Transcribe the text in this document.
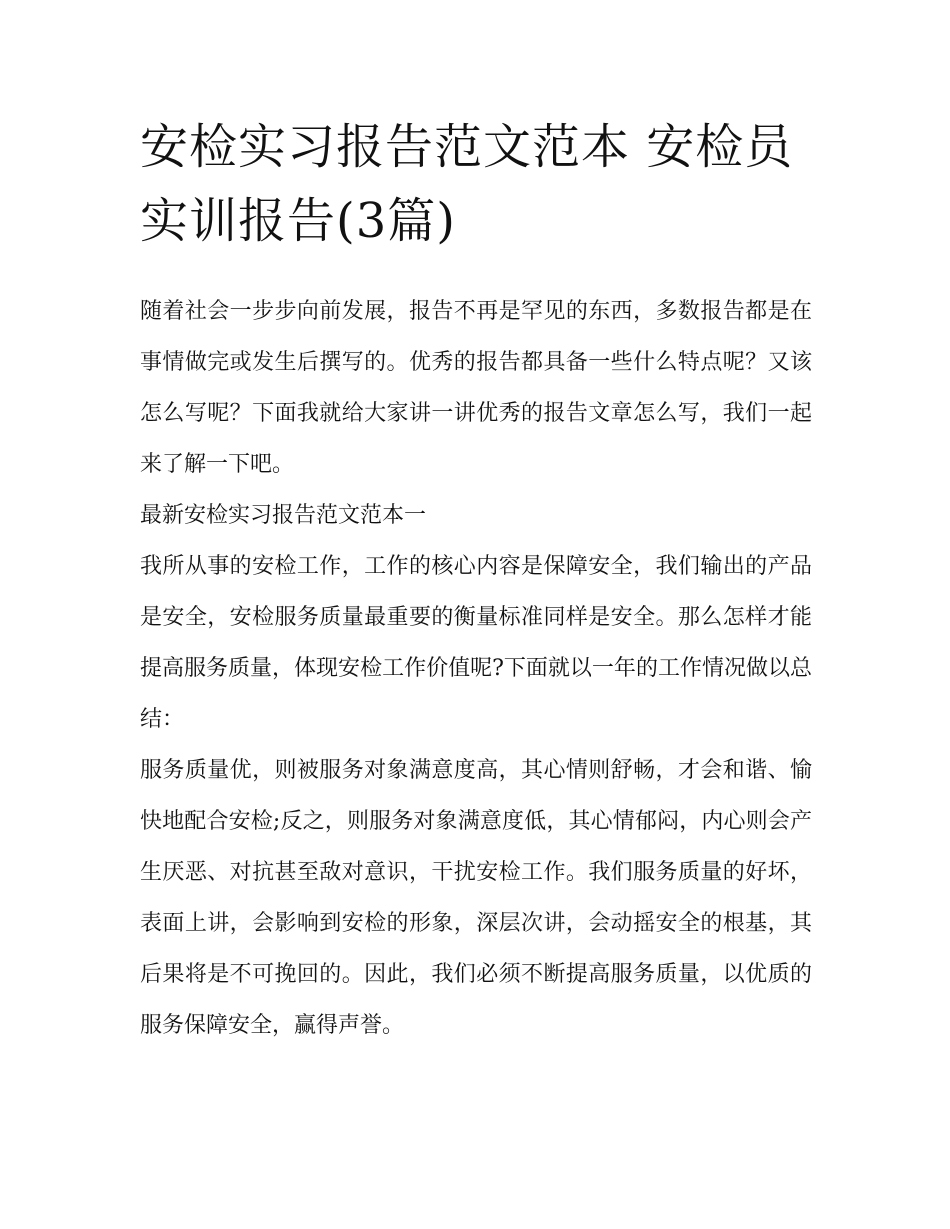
安检实习报告范文范本 安检员实训报告(3篇)

随着社会一步步向前发展，报告不再是罕见的东西，多数报告都是在事情做完或发生后撰写的。优秀的报告都具备一些什么特点呢？又该怎么写呢？下面我就给大家讲一讲优秀的报告文章怎么写，我们一起来了解一下吧。

最新安检实习报告范文范本一

我所从事的安检工作，工作的核心内容是保障安全，我们输出的产品是安全，安检服务质量最重要的衡量标准同样是安全。那么怎样才能提高服务质量，体现安检工作价值呢?下面就以一年的工作情况做以总结：

服务质量优，则被服务对象满意度高，其心情则舒畅，才会和谐、愉快地配合安检;反之，则服务对象满意度低，其心情郁闷，内心则会产生厌恶、对抗甚至敌对意识，干扰安检工作。我们服务质量的好坏，表面上讲，会影响到安检的形象，深层次讲，会动摇安全的根基，其后果将是不可挽回的。因此，我们必须不断提高服务质量，以优质的服务保障安全，赢得声誉。
